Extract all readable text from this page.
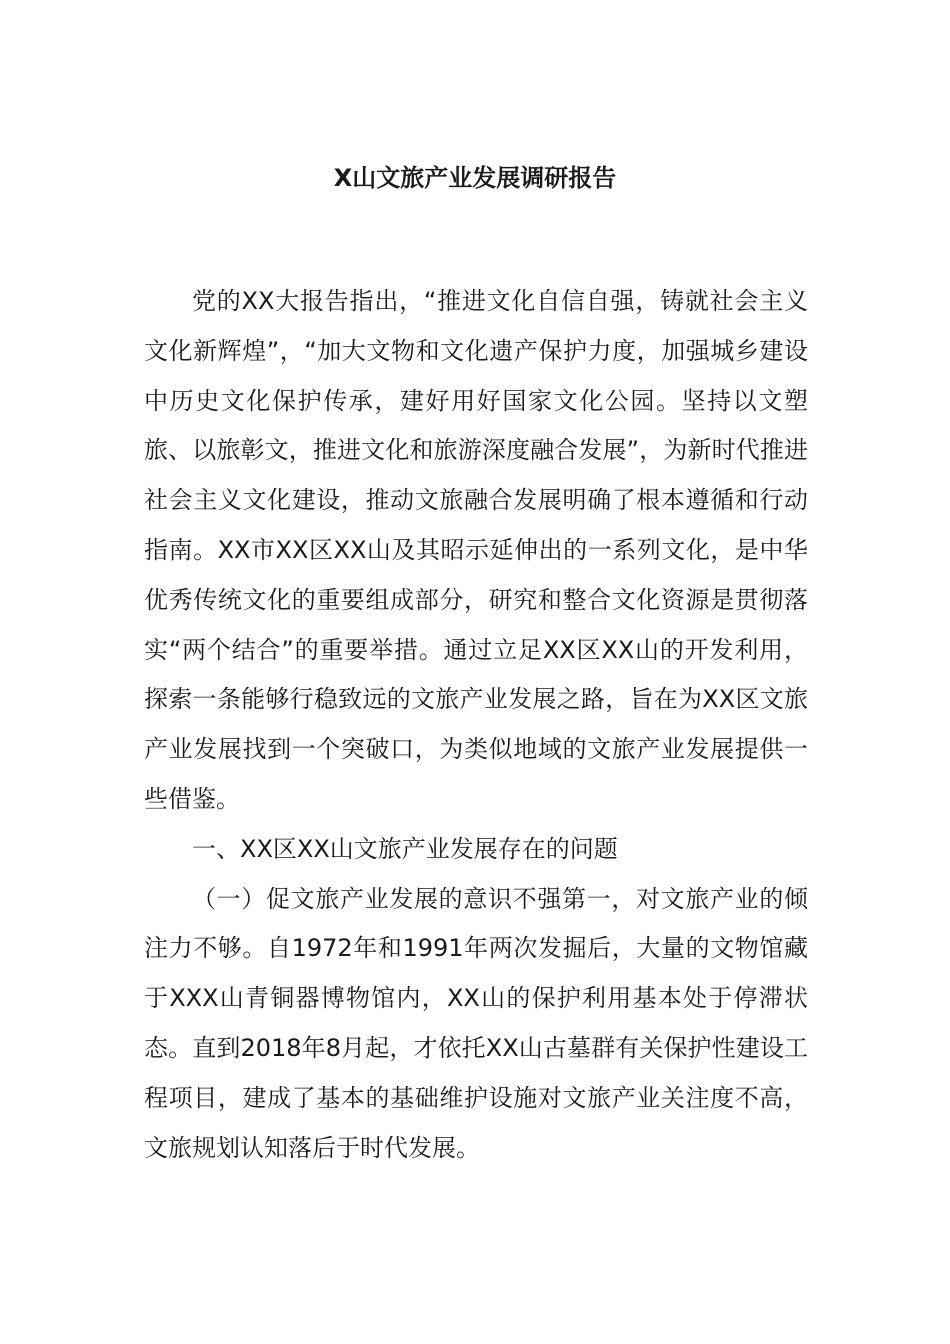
X山文旅产业发展调研报告

党的XX大报告指出，“推进文化自信自强，铸就社会主义文化新辉煌”，“加大文物和文化遗产保护力度，加强城乡建设中历史文化保护传承，建好用好国家文化公园。坚持以文塑旅、以旅彰文，推进文化和旅游深度融合发展”，为新时代推进社会主义文化建设，推动文旅融合发展明确了根本遵循和行动指南。XX市XX区XX山及其昭示延伸出的一系列文化，是中华优秀传统文化的重要组成部分，研究和整合文化资源是贯彻落实“两个结合”的重要举措。通过立足XX区XX山的开发利用，探索一条能够行稳致远的文旅产业发展之路，旨在为XX区文旅产业发展找到一个突破口，为类似地域的文旅产业发展提供一些借鉴。

一、XX区XX山文旅产业发展存在的问题

（一）促文旅产业发展的意识不强第一，对文旅产业的倾注力不够。自1972年和1991年两次发掘后，大量的文物馆藏于XXX山青铜器博物馆内，XX山的保护利用基本处于停滞状态。直到2018年8月起，才依托XX山古墓群有关保护性建设工程项目，建成了基本的基础维护设施对文旅产业关注度不高，文旅规划认知落后于时代发展。
